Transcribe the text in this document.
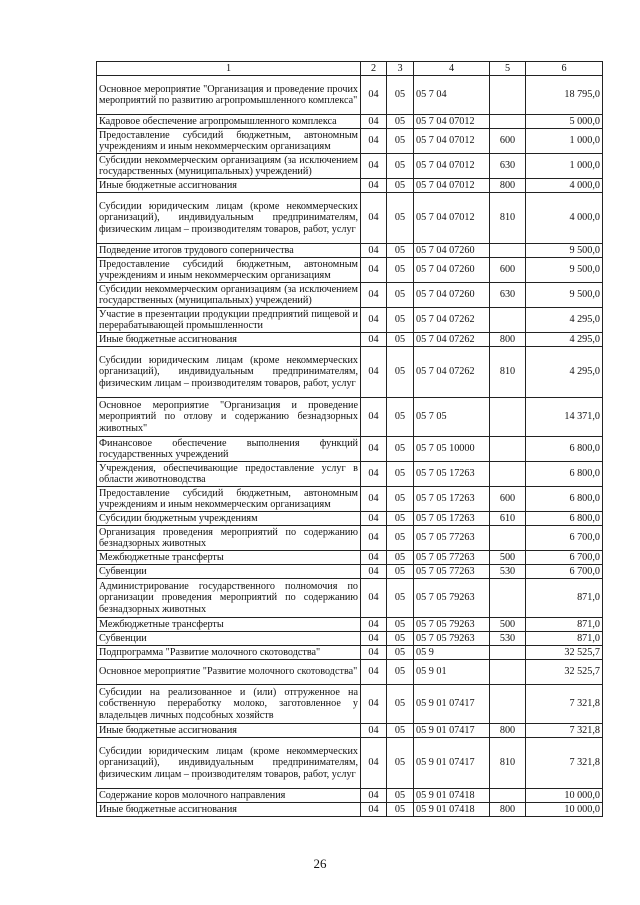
1	2	3	4	5	6
Основное мероприятие "Организация и проведение прочих мероприятий по развитию агропромышленного комплекса"	04	05	05 7 04		18 795,0
Кадровое обеспечение агропромышленного комплекса	04	05	05 7 04 07012		5 000,0
Предоставление субсидий бюджетным, автономным учреждениям и иным некоммерческим организациям	04	05	05 7 04 07012	600	1 000,0
Субсидии некоммерческим организациям (за исключением государственных (муниципальных) учреждений)	04	05	05 7 04 07012	630	1 000,0
Иные бюджетные ассигнования	04	05	05 7 04 07012	800	4 000,0
Субсидии юридическим лицам (кроме некоммерческих организаций), индивидуальным предпринимателям, физическим лицам – производителям товаров, работ, услуг	04	05	05 7 04 07012	810	4 000,0
Подведение итогов трудового соперничества	04	05	05 7 04 07260		9 500,0
Предоставление субсидий бюджетным, автономным учреждениям и иным некоммерческим организациям	04	05	05 7 04 07260	600	9 500,0
Субсидии некоммерческим организациям (за исключением государственных (муниципальных) учреждений)	04	05	05 7 04 07260	630	9 500,0
Участие в презентации продукции предприятий пищевой и перерабатывающей промышленности	04	05	05 7 04 07262		4 295,0
Иные бюджетные ассигнования	04	05	05 7 04 07262	800	4 295,0
Субсидии юридическим лицам (кроме некоммерческих организаций), индивидуальным предпринимателям, физическим лицам – производителям товаров, работ, услуг	04	05	05 7 04 07262	810	4 295,0
Основное мероприятие "Организация и проведение мероприятий по отлову и содержанию безнадзорных животных"	04	05	05 7 05		14 371,0
Финансовое обеспечение выполнения функций государственных учреждений	04	05	05 7 05 10000		6 800,0
Учреждения, обеспечивающие предоставление услуг в области животноводства	04	05	05 7 05 17263		6 800,0
Предоставление субсидий бюджетным, автономным учреждениям и иным некоммерческим организациям	04	05	05 7 05 17263	600	6 800,0
Субсидии бюджетным учреждениям	04	05	05 7 05 17263	610	6 800,0
Организация проведения мероприятий по содержанию безнадзорных животных	04	05	05 7 05 77263		6 700,0
Межбюджетные трансферты	04	05	05 7 05 77263	500	6 700,0
Субвенции	04	05	05 7 05 77263	530	6 700,0
Администрирование государственного полномочия по организации проведения мероприятий по содержанию безнадзорных животных	04	05	05 7 05 79263		871,0
Межбюджетные трансферты	04	05	05 7 05 79263	500	871,0
Субвенции	04	05	05 7 05 79263	530	871,0
Подпрограмма "Развитие молочного скотоводства"	04	05	05 9		32 525,7
Основное мероприятие "Развитие молочного скотоводства"	04	05	05 9 01		32 525,7
Субсидии на реализованное и (или) отгруженное на собственную переработку молоко, заготовленное у владельцев личных подсобных хозяйств	04	05	05 9 01 07417		7 321,8
Иные бюджетные ассигнования	04	05	05 9 01 07417	800	7 321,8
Субсидии юридическим лицам (кроме некоммерческих организаций), индивидуальным предпринимателям, физическим лицам – производителям товаров, работ, услуг	04	05	05 9 01 07417	810	7 321,8
Содержание коров молочного направления	04	05	05 9 01 07418		10 000,0
Иные бюджетные ассигнования	04	05	05 9 01 07418	800	10 000,0
26
